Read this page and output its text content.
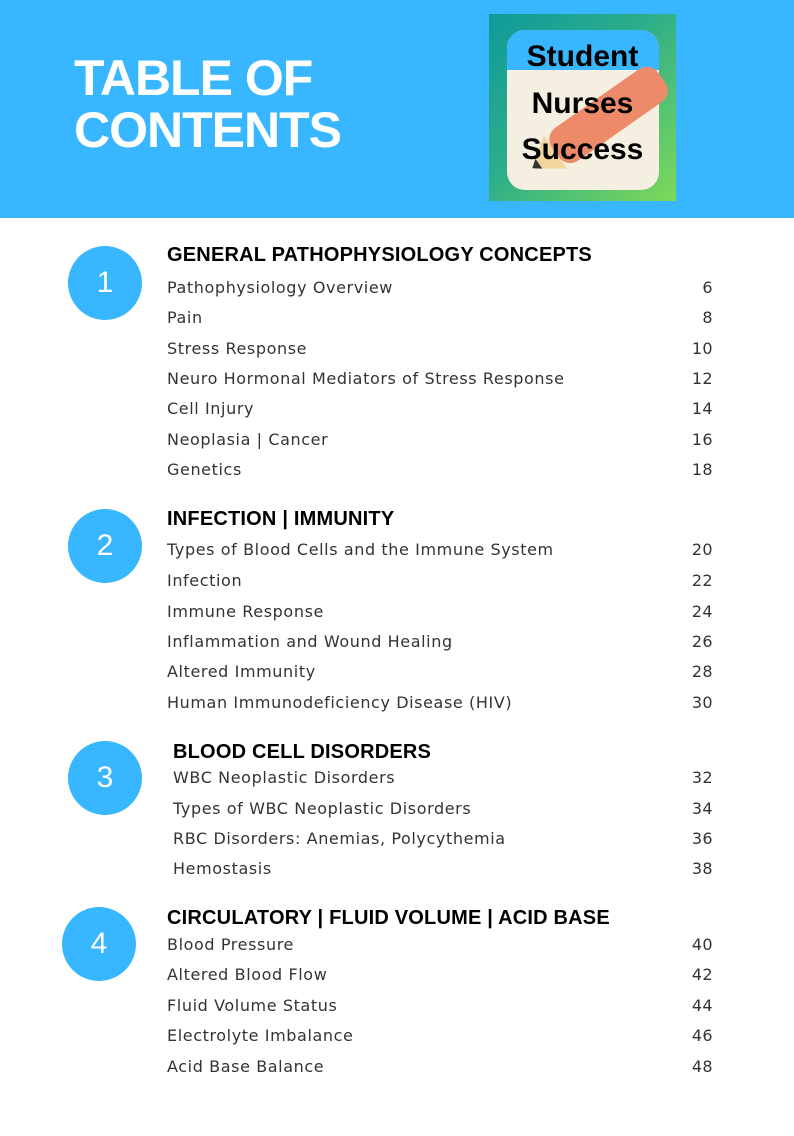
TABLE OF
CONTENTS
Student
Nurses
Success
1
GENERAL PATHOPHYSIOLOGY CONCEPTS
Pathophysiology Overview	6
Pain	8
Stress Response	10
Neuro Hormonal Mediators of Stress Response	12
Cell Injury	14
Neoplasia | Cancer	16
Genetics	18
2
INFECTION | IMMUNITY
Types of Blood Cells and the Immune System	20
Infection	22
Immune Response	24
Inflammation and Wound Healing	26
Altered Immunity	28
Human Immunodeficiency Disease (HIV)	30
3
BLOOD CELL DISORDERS
WBC Neoplastic Disorders	32
Types of WBC Neoplastic Disorders	34
RBC Disorders: Anemias, Polycythemia	36
Hemostasis	38
4
CIRCULATORY | FLUID VOLUME | ACID BASE
Blood Pressure	40
Altered Blood Flow	42
Fluid Volume Status	44
Electrolyte Imbalance	46
Acid Base Balance	48
